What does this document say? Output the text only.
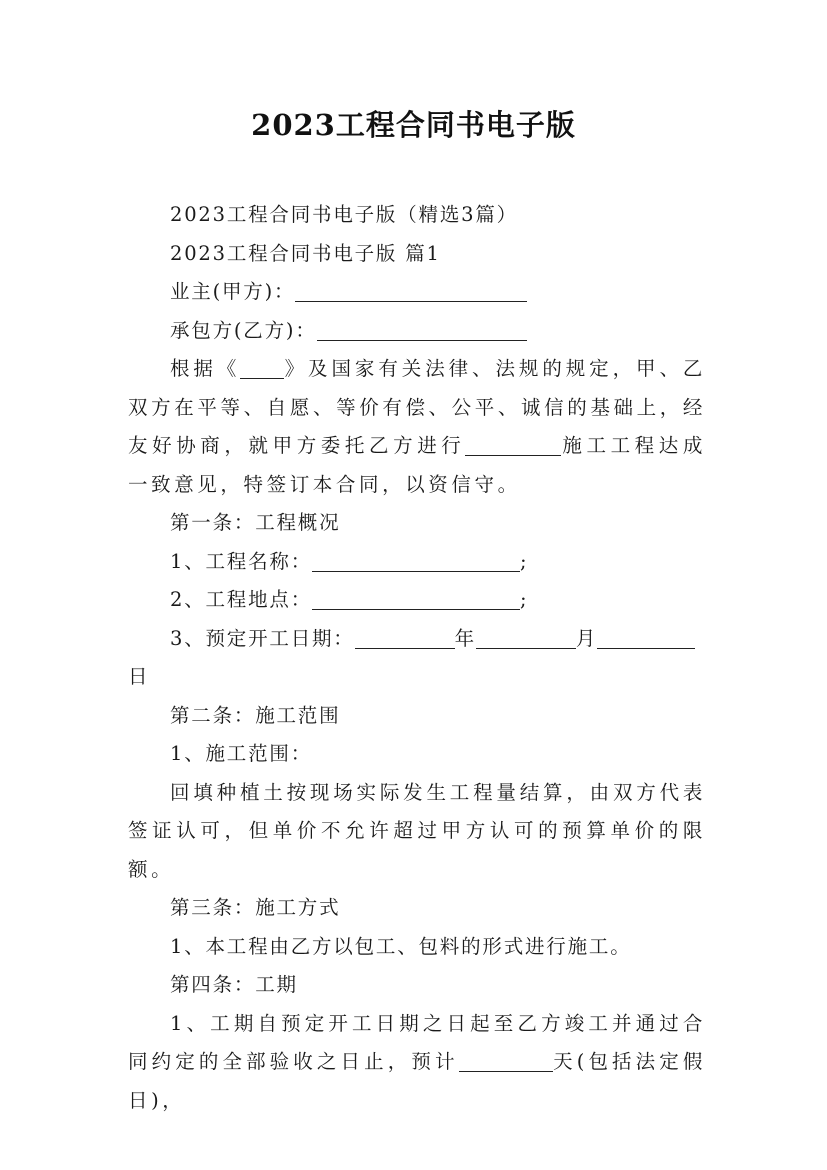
2023工程合同书电子版
2023工程合同书电子版（精选3篇）
2023工程合同书电子版 篇1
业主(甲方)：
承包方(乙方)：

根据《 》及国家有关法律、法规的规定，甲、乙双方在平等、自愿、等价有偿、公平、诚信的基础上，经友好协商，就甲方委托乙方进行	施工工程达成一致意见，特签订本合同，以资信守。

第一条：工程概况
1、工程名称：	;
2、工程地点：	;
3、预定开工日期：	年	月
日
第二条：施工范围
1、施工范围：

回填种植土按现场实际发生工程量结算，由双方代表签证认可，但单价不允许超过甲方认可的预算单价的限额。

第三条：施工方式
1、本工程由乙方以包工、包料的形式进行施工。
第四条：工期

1、工期自预定开工日期之日起至乙方竣工并通过合同约定的全部验收之日止，预计	天(包括法定假日)，
